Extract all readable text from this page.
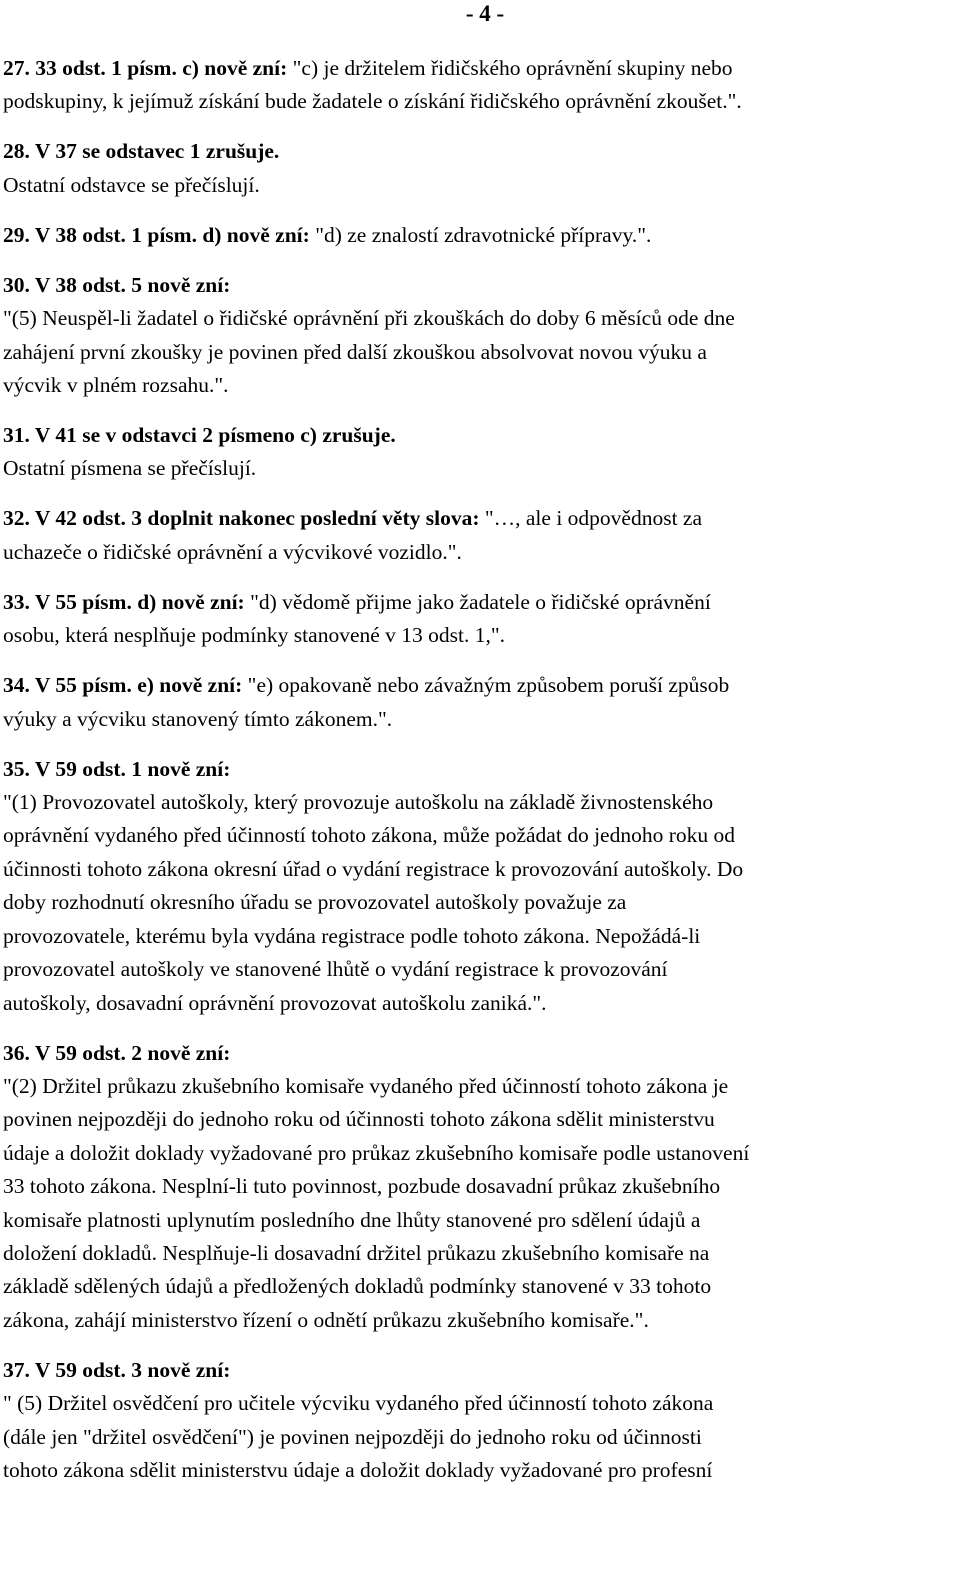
- 4 -
27. 33 odst. 1 písm. c) nově zní: "c) je držitelem řidičského oprávnění skupiny nebo
podskupiny, k jejímuž získání bude žadatele o získání řidičského oprávnění zkoušet.".
28. V 37 se odstavec 1 zrušuje.
Ostatní odstavce se přečíslují.
29. V 38 odst. 1 písm. d) nově zní: "d) ze znalostí zdravotnické přípravy.".
30. V 38 odst. 5 nově zní:
"(5) Neuspěl-li žadatel o řidičské oprávnění při zkouškách do doby 6 měsíců ode dne
zahájení první zkoušky je povinen před další zkouškou absolvovat novou výuku a
výcvik v plném rozsahu.".
31. V 41 se v odstavci 2 písmeno c) zrušuje.
Ostatní písmena se přečíslují.
32. V 42 odst. 3 doplnit nakonec poslední věty slova: "…, ale i odpovědnost za
uchazeče o řidičské oprávnění a výcvikové vozidlo.".
33. V 55 písm. d) nově zní: "d) vědomě přijme jako žadatele o řidičské oprávnění
osobu, která nesplňuje podmínky stanovené v 13 odst. 1,".
34. V 55 písm. e) nově zní: "e) opakovaně nebo závažným způsobem poruší způsob
výuky a výcviku stanovený tímto zákonem.".
35. V 59 odst. 1 nově zní:
"(1) Provozovatel autoškoly, který provozuje autoškolu na základě živnostenského
oprávnění vydaného před účinností tohoto zákona, může požádat do jednoho roku od
účinnosti tohoto zákona okresní úřad o vydání registrace k provozování autoškoly. Do
doby rozhodnutí okresního úřadu se provozovatel autoškoly považuje za
provozovatele, kterému byla vydána registrace podle tohoto zákona. Nepožádá-li
provozovatel autoškoly ve stanovené lhůtě o vydání registrace k provozování
autoškoly, dosavadní oprávnění provozovat autoškolu zaniká.".
36. V 59 odst. 2 nově zní:
"(2) Držitel průkazu zkušebního komisaře vydaného před účinností tohoto zákona je
povinen nejpozději do jednoho roku od účinnosti tohoto zákona sdělit ministerstvu
údaje a doložit doklady vyžadované pro průkaz zkušebního komisaře podle ustanovení
33 tohoto zákona. Nesplní-li tuto povinnost, pozbude dosavadní průkaz zkušebního
komisaře platnosti uplynutím posledního dne lhůty stanovené pro sdělení údajů a
doložení dokladů. Nesplňuje-li dosavadní držitel průkazu zkušebního komisaře na
základě sdělených údajů a předložených dokladů podmínky stanovené v 33 tohoto
zákona, zahájí ministerstvo řízení o odnětí průkazu zkušebního komisaře.".
37. V 59 odst. 3 nově zní:
" (5) Držitel osvědčení pro učitele výcviku vydaného před účinností tohoto zákona
(dále jen "držitel osvědčení") je povinen nejpozději do jednoho roku od účinnosti
tohoto zákona sdělit ministerstvu údaje a doložit doklady vyžadované pro profesní
